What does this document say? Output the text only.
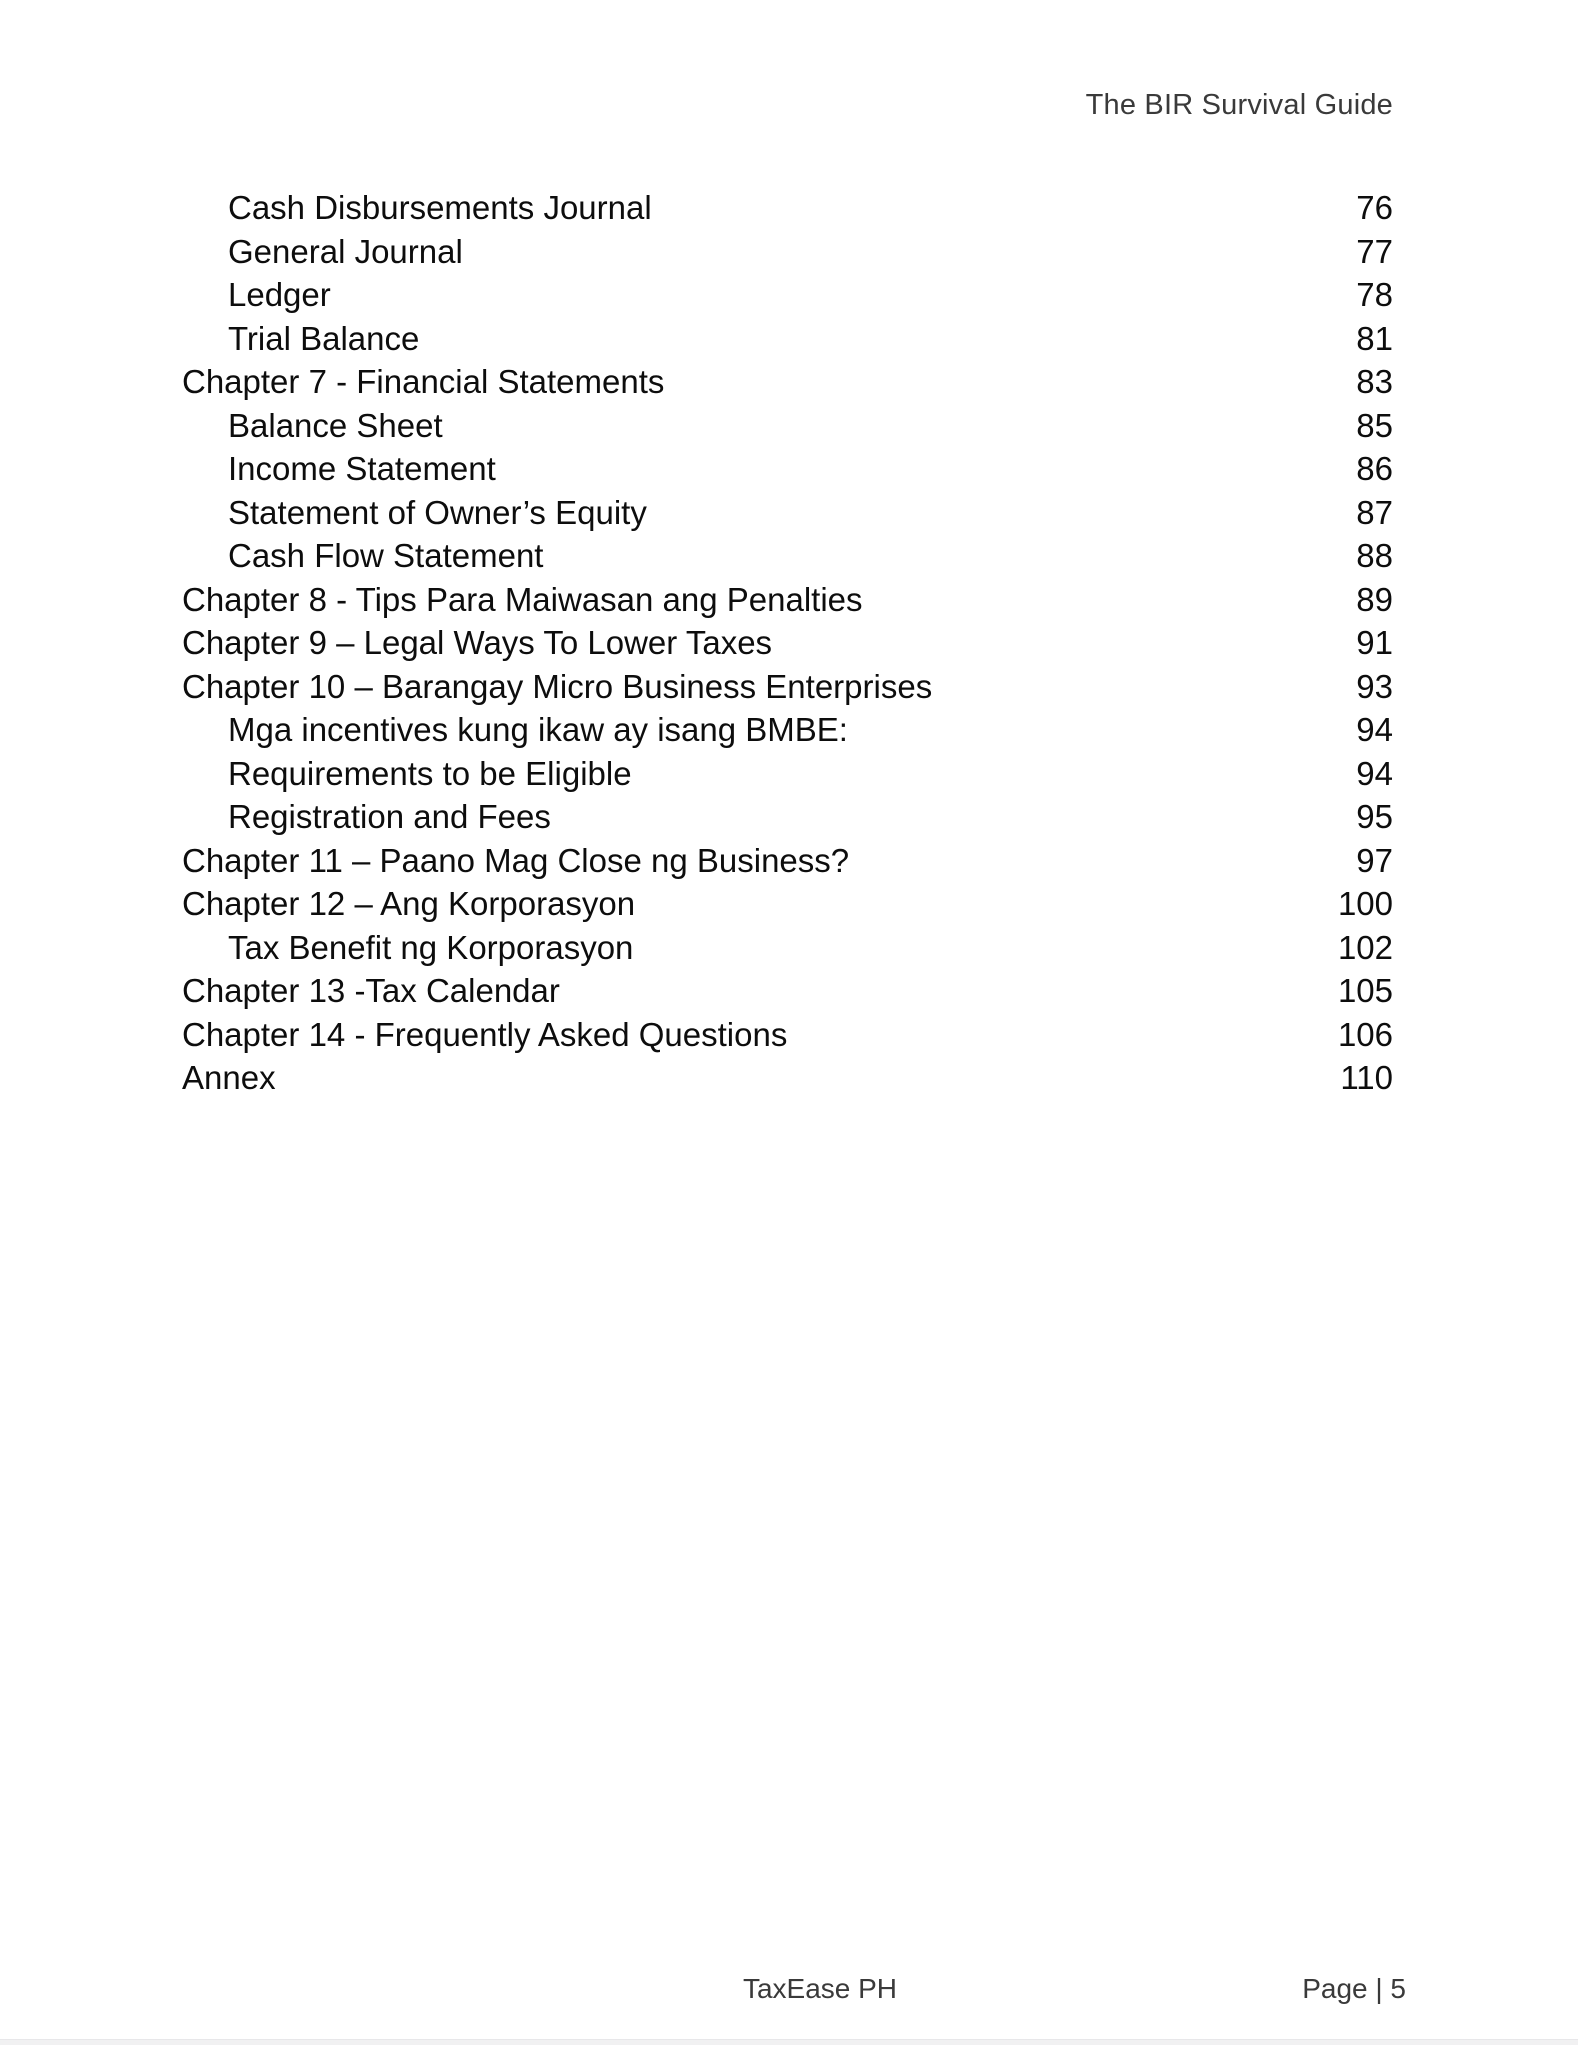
The BIR Survival Guide
Cash Disbursements Journal	76
General Journal	77
Ledger	78
Trial Balance	81
Chapter 7 - Financial Statements	83
Balance Sheet	85
Income Statement	86
Statement of Owner’s Equity	87
Cash Flow Statement	88
Chapter 8 - Tips Para Maiwasan ang Penalties	89
Chapter 9 – Legal Ways To Lower Taxes	91
Chapter 10 – Barangay Micro Business Enterprises	93
Mga incentives kung ikaw ay isang BMBE:	94
Requirements to be Eligible	94
Registration and Fees	95
Chapter 11 – Paano Mag Close ng Business?	97
Chapter 12 – Ang Korporasyon	100
Tax Benefit ng Korporasyon	102
Chapter 13 -Tax Calendar	105
Chapter 14 - Frequently Asked Questions	106
Annex	110
TaxEase PH	Page | 5
